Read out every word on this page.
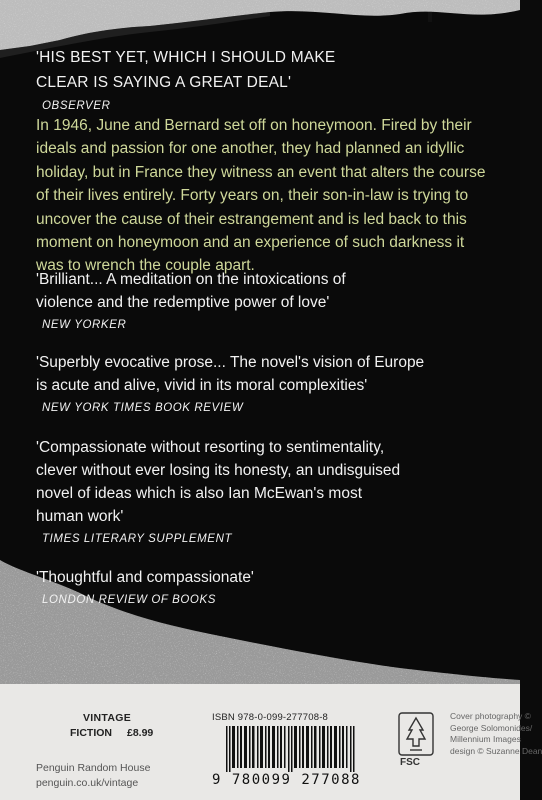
'HIS BEST YET, WHICH I SHOULD MAKE

CLEAR IS SAYING A GREAT DEAL'

OBSERVER
In 1946, June and Bernard set off on honeymoon. Fired by their
ideals and passion for one another, they had planned an idyllic
holiday, but in France they witness an event that alters the course
of their lives entirely. Forty years on, their son-in-law is trying to
uncover the cause of their estrangement and is led back to this
moment on honeymoon and an experience of such darkness it
was to wrench the couple apart.

'Brilliant... A meditation on the intoxications of

violence and the redemptive power of love'

NEW YORKER

'Superbly evocative prose... The novel's vision of Europe

is acute and alive, vivid in its moral complexities'

NEW YORK TIMES BOOK REVIEW

'Compassionate without resorting to sentimentality,

clever without ever losing its honesty, an undisguised

novel of ideas which is also Ian McEwan's most

human work'

TIMES LITERARY SUPPLEMENT

'Thoughtful and compassionate'

LONDON REVIEW OF BOOKS
VINTAGE
FICTION £8.99
Penguin Random House
penguin.co.uk/vintage
ISBN 978-0-099-277708-8
9 780099 277088
FSC
Cover photography ©
George Solomonides/
Millennium Images
design © Suzanne Dean
